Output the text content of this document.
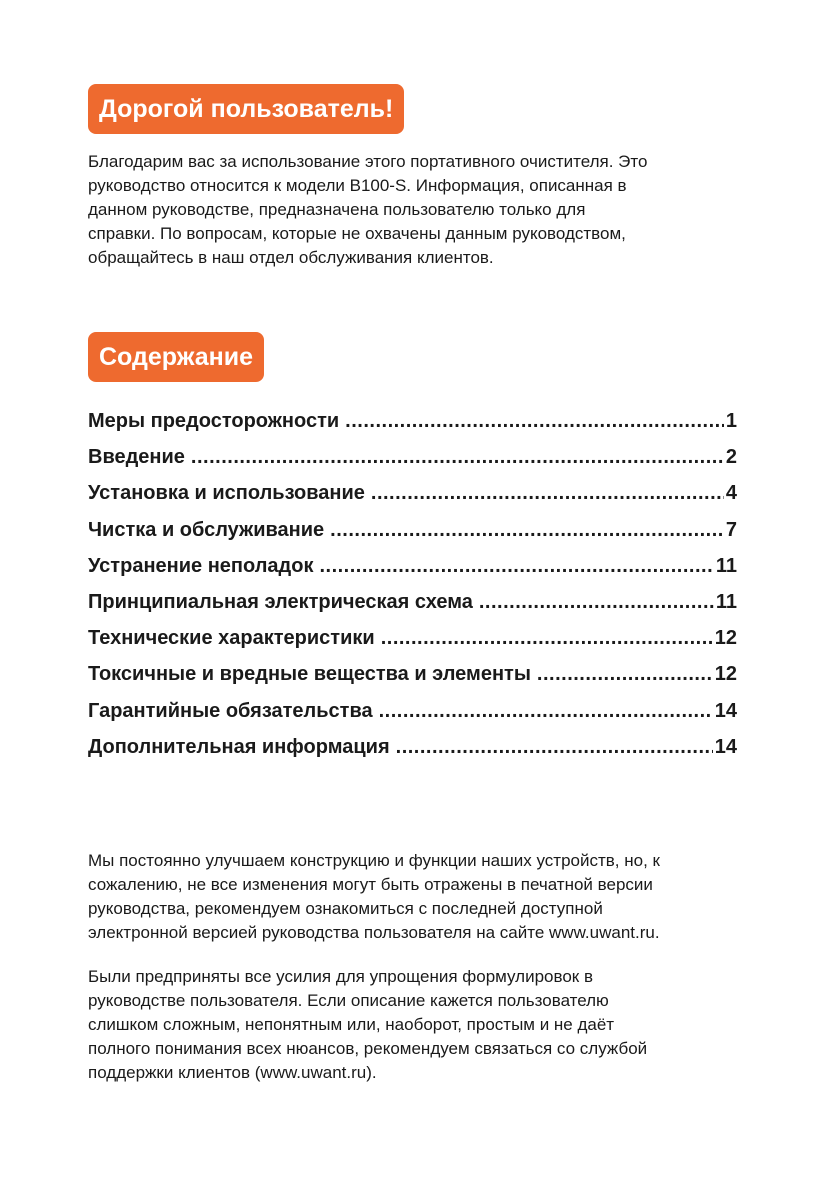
Дорогой пользователь!

Благодарим вас за использование этого портативного очистителя. Это
руководство относится к модели B100-S. Информация, описанная в
данном руководстве, предназначена пользователю только для
справки. По вопросам, которые не охвачены данным руководством,
обращайтесь в наш отдел обслуживания клиентов.

Содержание
Меры предосторожности .....	1
Введение .....	2
Установка и использование .....	4
Чистка и обслуживание .....	7
Устранение неполадок .....	11
Принципиальная электрическая схема .....	11
Технические характеристики .....	12
Токсичные и вредные вещества и элементы .....	12
Гарантийные обязательства .....	14
Дополнительная информация .....	14

Мы постоянно улучшаем конструкцию и функции наших устройств, но, к
сожалению, не все изменения могут быть отражены в печатной версии
руководства, рекомендуем ознакомиться с последней доступной
электронной версией руководства пользователя на сайте www.uwant.ru.

Были предприняты все усилия для упрощения формулировок в
руководстве пользователя. Если описание кажется пользователю
слишком сложным, непонятным или, наоборот, простым и не даёт
полного понимания всех нюансов, рекомендуем связаться со службой
поддержки клиентов (www.uwant.ru).
